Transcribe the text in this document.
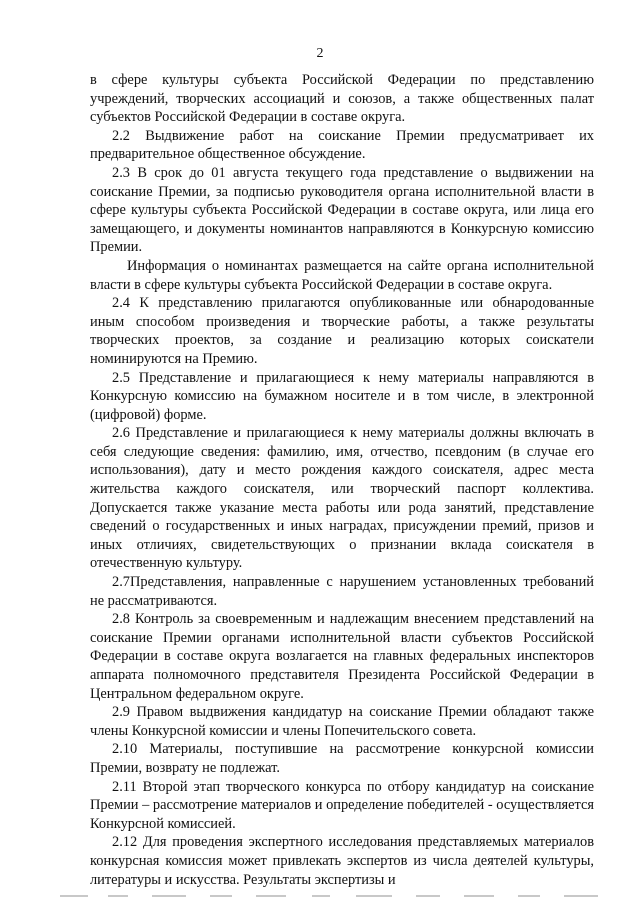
2

в сфере культуры субъекта Российской Федерации по представлению учреждений, творческих ассоциаций и союзов, а также общественных палат субъектов Российской Федерации в составе округа.

2.2 Выдвижение работ на соискание Премии предусматривает их предварительное общественное обсуждение.

2.3 В срок до 01 августа текущего года представление о выдвижении на соискание Премии, за подписью руководителя органа исполнительной власти в сфере культуры субъекта Российской Федерации в составе округа, или лица его замещающего, и документы номинантов направляются в Конкурсную комиссию Премии.

Информация о номинантах размещается на сайте органа исполнительной власти в сфере культуры субъекта Российской Федерации в составе округа.

2.4 К представлению прилагаются опубликованные или обнародованные иным способом произведения и творческие работы, а также результаты творческих проектов, за создание и реализацию которых соискатели номинируются на Премию.

2.5 Представление и прилагающиеся к нему материалы направляются в Конкурсную комиссию на бумажном носителе и в том числе, в электронной (цифровой) форме.

2.6 Представление и прилагающиеся к нему материалы должны включать в себя следующие сведения: фамилию, имя, отчество, псевдоним (в случае его использования), дату и место рождения каждого соискателя, адрес места жительства каждого соискателя, или творческий паспорт коллектива. Допускается также указание места работы или рода занятий, представление сведений о государственных и иных наградах, присуждении премий, призов и иных отличиях, свидетельствующих о признании вклада соискателя в отечественную культуру.

2.7Представления, направленные с нарушением установленных требований не рассматриваются.

2.8 Контроль за своевременным и надлежащим внесением представлений на соискание Премии органами исполнительной власти субъектов Российской Федерации в составе округа возлагается на главных федеральных инспекторов аппарата полномочного представителя Президента Российской Федерации в Центральном федеральном округе.

2.9 Правом выдвижения кандидатур на соискание Премии обладают также члены Конкурсной комиссии и члены Попечительского совета.

2.10 Материалы, поступившие на рассмотрение конкурсной комиссии Премии, возврату не подлежат.

2.11 Второй этап творческого конкурса по отбору кандидатур на соискание Премии – рассмотрение материалов и определение победителей - осуществляется Конкурсной комиссией.

2.12 Для проведения экспертного исследования представляемых материалов конкурсная комиссия может привлекать экспертов из числа деятелей культуры, литературы и искусства. Результаты экспертизы и
